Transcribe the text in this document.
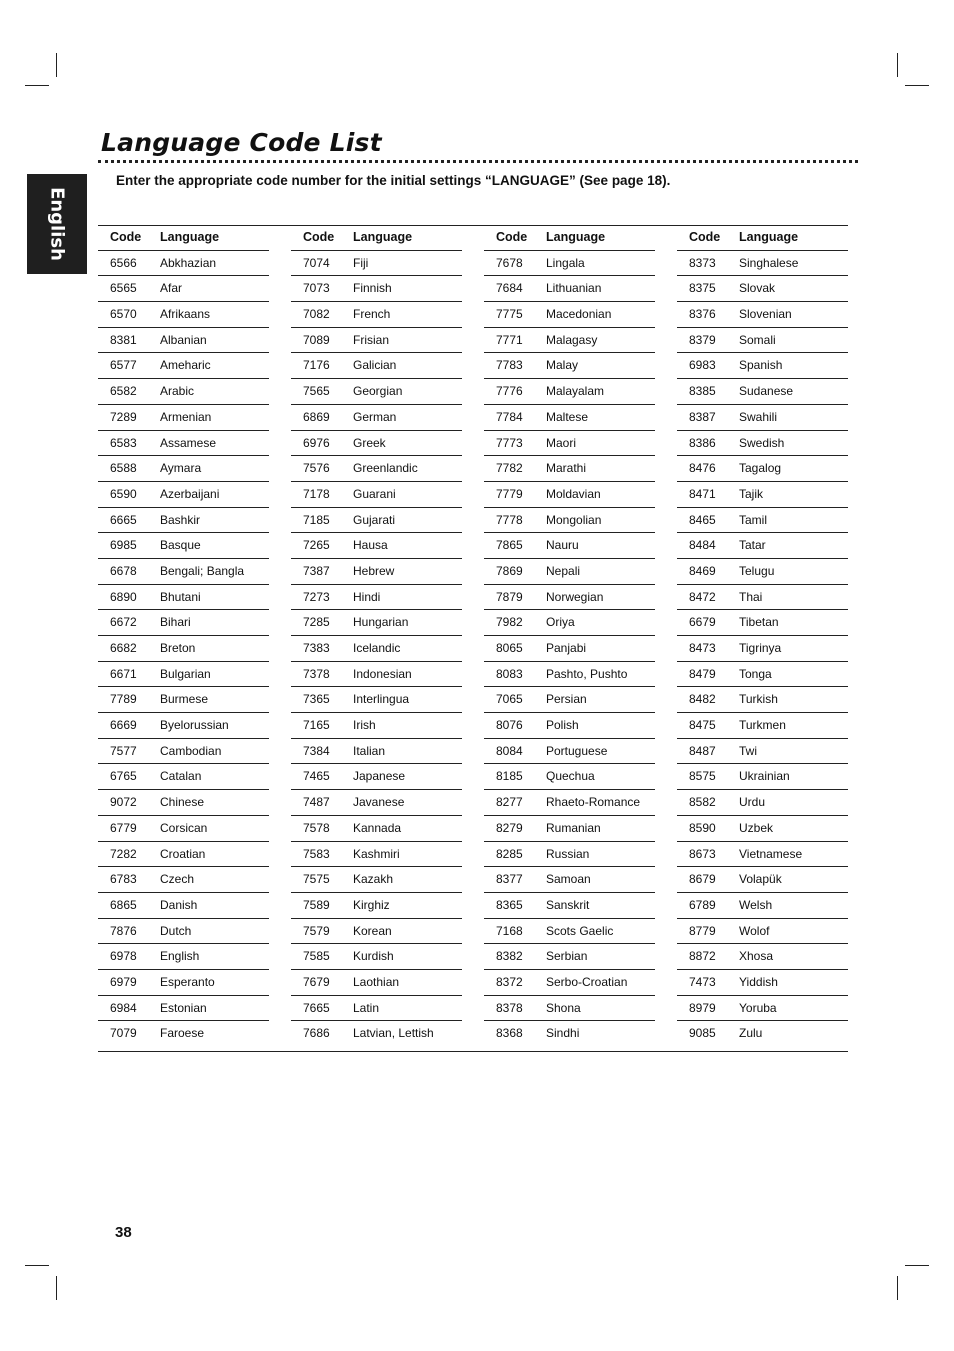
Language Code List
English
Enter the appropriate code number for the initial settings “LANGUAGE” (See page 18).
Code Language
6566 Abkhazian
6565 Afar
6570 Afrikaans
8381 Albanian
6577 Ameharic
6582 Arabic
7289 Armenian
6583 Assamese
6588 Aymara
6590 Azerbaijani
6665 Bashkir
6985 Basque
6678 Bengali; Bangla
6890 Bhutani
6672 Bihari
6682 Breton
6671 Bulgarian
7789 Burmese
6669 Byelorussian
7577 Cambodian
6765 Catalan
9072 Chinese
6779 Corsican
7282 Croatian
6783 Czech
6865 Danish
7876 Dutch
6978 English
6979 Esperanto
6984 Estonian
7079 Faroese
Code Language
7074 Fiji
7073 Finnish
7082 French
7089 Frisian
7176 Galician
7565 Georgian
6869 German
6976 Greek
7576 Greenlandic
7178 Guarani
7185 Gujarati
7265 Hausa
7387 Hebrew
7273 Hindi
7285 Hungarian
7383 Icelandic
7378 Indonesian
7365 Interlingua
7165 Irish
7384 Italian
7465 Japanese
7487 Javanese
7578 Kannada
7583 Kashmiri
7575 Kazakh
7589 Kirghiz
7579 Korean
7585 Kurdish
7679 Laothian
7665 Latin
7686 Latvian, Lettish
Code Language
7678 Lingala
7684 Lithuanian
7775 Macedonian
7771 Malagasy
7783 Malay
7776 Malayalam
7784 Maltese
7773 Maori
7782 Marathi
7779 Moldavian
7778 Mongolian
7865 Nauru
7869 Nepali
7879 Norwegian
7982 Oriya
8065 Panjabi
8083 Pashto, Pushto
7065 Persian
8076 Polish
8084 Portuguese
8185 Quechua
8277 Rhaeto-Romance
8279 Rumanian
8285 Russian
8377 Samoan
8365 Sanskrit
7168 Scots Gaelic
8382 Serbian
8372 Serbo-Croatian
8378 Shona
8368 Sindhi
Code Language
8373 Singhalese
8375 Slovak
8376 Slovenian
8379 Somali
6983 Spanish
8385 Sudanese
8387 Swahili
8386 Swedish
8476 Tagalog
8471 Tajik
8465 Tamil
8484 Tatar
8469 Telugu
8472 Thai
6679 Tibetan
8473 Tigrinya
8479 Tonga
8482 Turkish
8475 Turkmen
8487 Twi
8575 Ukrainian
8582 Urdu
8590 Uzbek
8673 Vietnamese
8679 Volapük
6789 Welsh
8779 Wolof
8872 Xhosa
7473 Yiddish
8979 Yoruba
9085 Zulu
38
